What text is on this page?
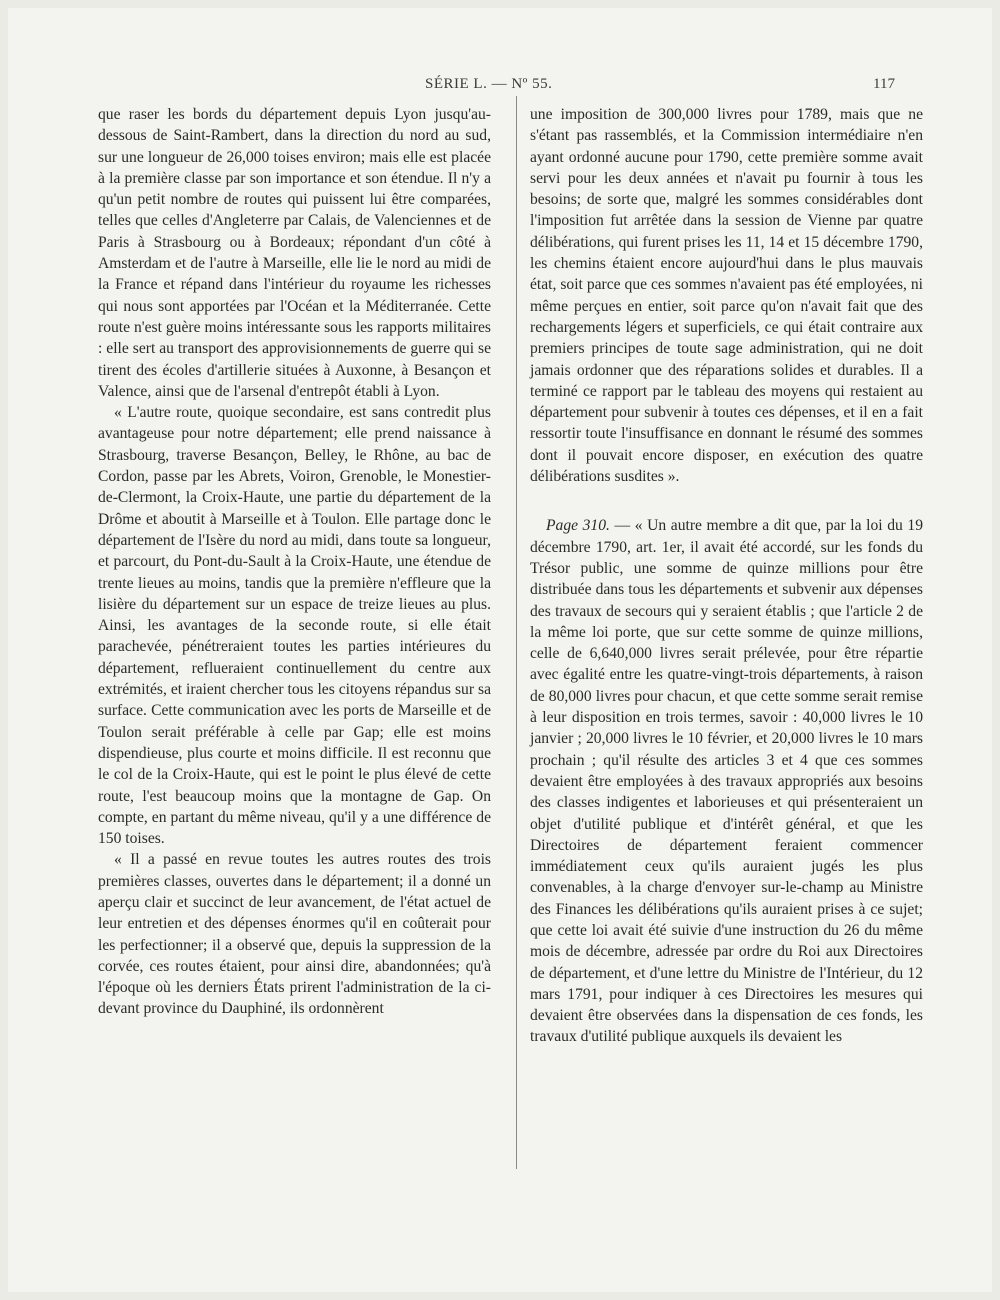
SÉRIE L. — Nº 55.	117

que raser les bords du département depuis Lyon jusqu'au-dessous de Saint-Rambert, dans la direction du nord au sud, sur une longueur de 26,000 toises environ; mais elle est placée à la première classe par son importance et son étendue. Il n'y a qu'un petit nombre de routes qui puissent lui être comparées, telles que celles d'Angleterre par Calais, de Valenciennes et de Paris à Strasbourg ou à Bordeaux; répondant d'un côté à Amsterdam et de l'autre à Marseille, elle lie le nord au midi de la France et répand dans l'intérieur du royaume les richesses qui nous sont apportées par l'Océan et la Méditerranée. Cette route n'est guère moins intéressante sous les rapports militaires : elle sert au transport des approvisionnements de guerre qui se tirent des écoles d'artillerie situées à Auxonne, à Besançon et Valence, ainsi que de l'arsenal d'entrepôt établi à Lyon.

« L'autre route, quoique secondaire, est sans contredit plus avantageuse pour notre département; elle prend naissance à Strasbourg, traverse Besançon, Belley, le Rhône, au bac de Cordon, passe par les Abrets, Voiron, Grenoble, le Monestier-de-Clermont, la Croix-Haute, une partie du département de la Drôme et aboutit à Marseille et à Toulon. Elle partage donc le département de l'Isère du nord au midi, dans toute sa longueur, et parcourt, du Pont-du-Sault à la Croix-Haute, une étendue de trente lieues au moins, tandis que la première n'effleure que la lisière du département sur un espace de treize lieues au plus. Ainsi, les avantages de la seconde route, si elle était parachevée, pénétreraient toutes les parties intérieures du département, reflueraient continuellement du centre aux extrémités, et iraient chercher tous les citoyens répandus sur sa surface. Cette communication avec les ports de Marseille et de Toulon serait préférable à celle par Gap; elle est moins dispendieuse, plus courte et moins difficile. Il est reconnu que le col de la Croix-Haute, qui est le point le plus élevé de cette route, l'est beaucoup moins que la montagne de Gap. On compte, en partant du même niveau, qu'il y a une différence de 150 toises.

« Il a passé en revue toutes les autres routes des trois premières classes, ouvertes dans le département; il a donné un aperçu clair et succinct de leur avancement, de l'état actuel de leur entretien et des dépenses énormes qu'il en coûterait pour les perfectionner; il a observé que, depuis la suppression de la corvée, ces routes étaient, pour ainsi dire, abandonnées; qu'à l'époque où les derniers États prirent l'administration de la ci-devant province du Dauphiné, ils ordonnèrent

une imposition de 300,000 livres pour 1789, mais que ne s'étant pas rassemblés, et la Commission intermédiaire n'en ayant ordonné aucune pour 1790, cette première somme avait servi pour les deux années et n'avait pu fournir à tous les besoins; de sorte que, malgré les sommes considérables dont l'imposition fut arrêtée dans la session de Vienne par quatre délibérations, qui furent prises les 11, 14 et 15 décembre 1790, les chemins étaient encore aujourd'hui dans le plus mauvais état, soit parce que ces sommes n'avaient pas été employées, ni même perçues en entier, soit parce qu'on n'avait fait que des rechargements légers et superficiels, ce qui était contraire aux premiers principes de toute sage administration, qui ne doit jamais ordonner que des réparations solides et durables. Il a terminé ce rapport par le tableau des moyens qui restaient au département pour subvenir à toutes ces dépenses, et il en a fait ressortir toute l'insuffisance en donnant le résumé des sommes dont il pouvait encore disposer, en exécution des quatre délibérations susdites ».

Page 310. — « Un autre membre a dit que, par la loi du 19 décembre 1790, art. 1er, il avait été accordé, sur les fonds du Trésor public, une somme de quinze millions pour être distribuée dans tous les départements et subvenir aux dépenses des travaux de secours qui y seraient établis ; que l'article 2 de la même loi porte, que sur cette somme de quinze millions, celle de 6,640,000 livres serait prélevée, pour être répartie avec égalité entre les quatre-vingt-trois départements, à raison de 80,000 livres pour chacun, et que cette somme serait remise à leur disposition en trois termes, savoir : 40,000 livres le 10 janvier ; 20,000 livres le 10 février, et 20,000 livres le 10 mars prochain ; qu'il résulte des articles 3 et 4 que ces sommes devaient être employées à des travaux appropriés aux besoins des classes indigentes et laborieuses et qui présenteraient un objet d'utilité publique et d'intérêt général, et que les Directoires de département feraient commencer immédiatement ceux qu'ils auraient jugés les plus convenables, à la charge d'envoyer sur-le-champ au Ministre des Finances les délibérations qu'ils auraient prises à ce sujet; que cette loi avait été suivie d'une instruction du 26 du même mois de décembre, adressée par ordre du Roi aux Directoires de département, et d'une lettre du Ministre de l'Intérieur, du 12 mars 1791, pour indiquer à ces Directoires les mesures qui devaient être observées dans la dispensation de ces fonds, les travaux d'utilité publique auxquels ils devaient les
